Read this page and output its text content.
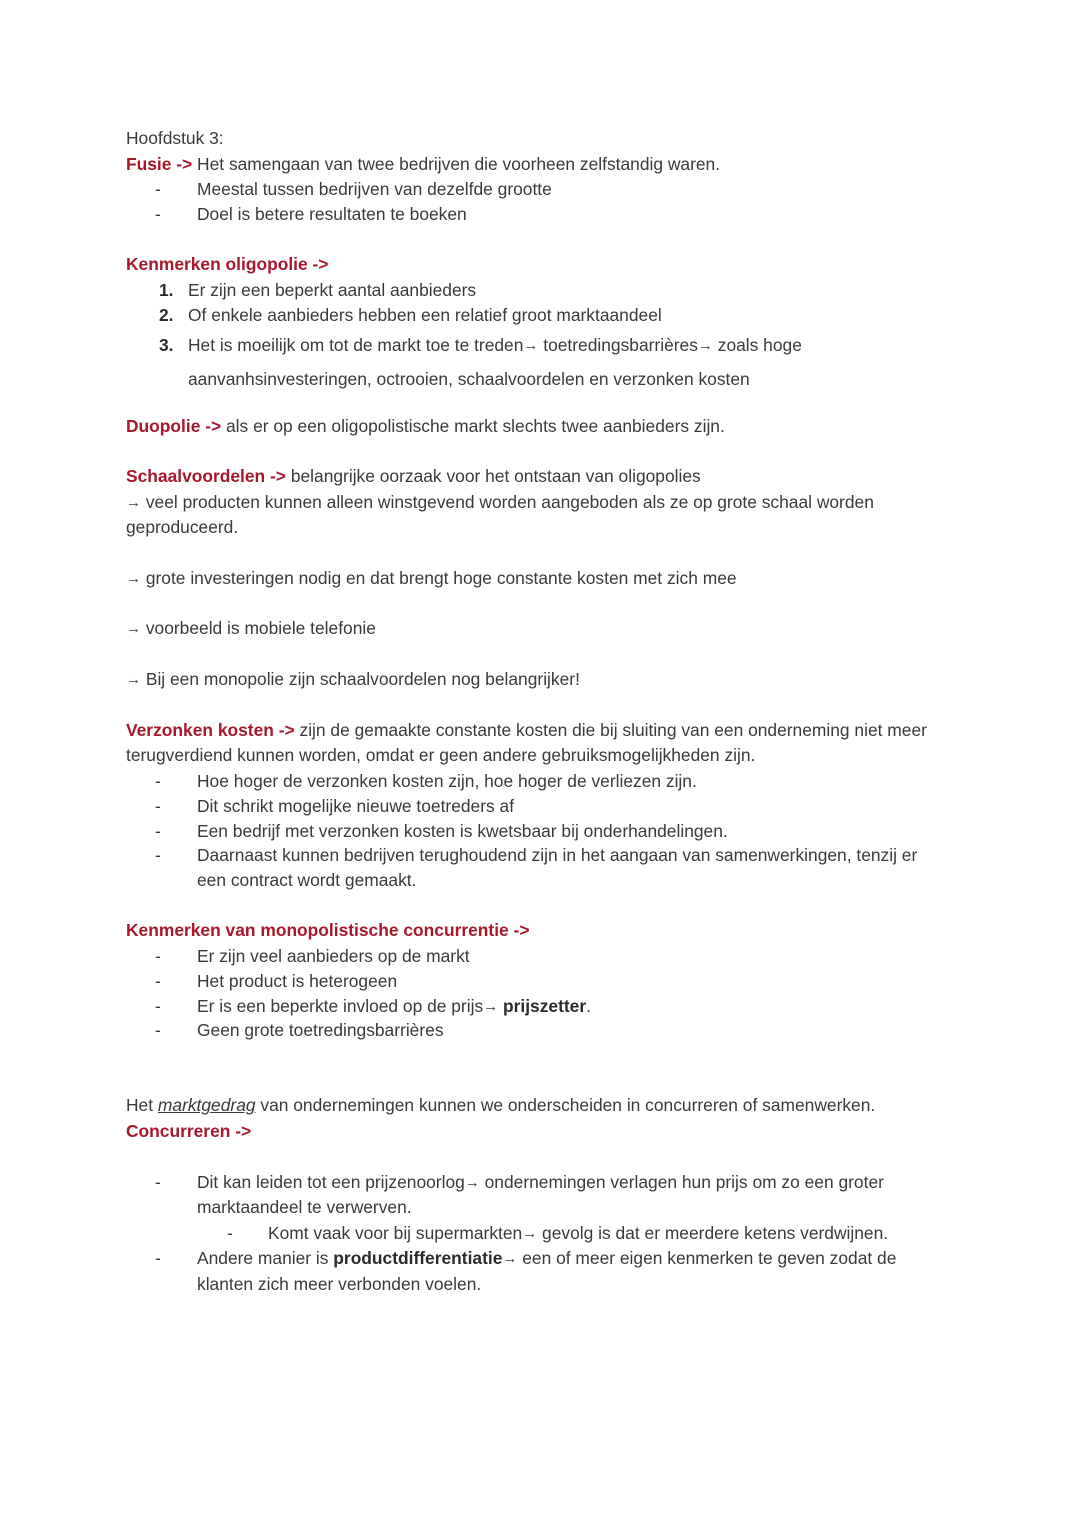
Hoofdstuk 3:

Fusie -> Het samengaan van twee bedrijven die voorheen zelfstandig waren.

- Meestal tussen bedrijven van dezelfde grootte
- Doel is betere resultaten te boeken

Kenmerken oligopolie ->

Er zijn een beperkt aantal aanbieders
Of enkele aanbieders hebben een relatief groot marktaandeel
Het is moeilijk om tot de markt toe te treden→ toetredingsbarrières→ zoals hoge aanvanhsinvesteringen, octrooien, schaalvoordelen en verzonken kosten

Duopolie -> als er op een oligopolistische markt slechts twee aanbieders zijn.

Schaalvoordelen -> belangrijke oorzaak voor het ontstaan van oligopolies

→ veel producten kunnen alleen winstgevend worden aangeboden als ze op grote schaal worden geproduceerd.

→ grote investeringen nodig en dat brengt hoge constante kosten met zich mee

→ voorbeeld is mobiele telefonie

→ Bij een monopolie zijn schaalvoordelen nog belangrijker!

Verzonken kosten -> zijn de gemaakte constante kosten die bij sluiting van een onderneming niet meer terugverdiend kunnen worden, omdat er geen andere gebruiksmogelijkheden zijn.

- Hoe hoger de verzonken kosten zijn, hoe hoger de verliezen zijn.
- Dit schrikt mogelijke nieuwe toetreders af
- Een bedrijf met verzonken kosten is kwetsbaar bij onderhandelingen.
- Daarnaast kunnen bedrijven terughoudend zijn in het aangaan van samenwerkingen, tenzij er een contract wordt gemaakt.

Kenmerken van monopolistische concurrentie ->

- Er zijn veel aanbieders op de markt
- Het product is heterogeen
- Er is een beperkte invloed op de prijs→ prijszetter.
- Geen grote toetredingsbarrières

Het marktgedrag van ondernemingen kunnen we onderscheiden in concurreren of samenwerken.

Concurreren ->

- Dit kan leiden tot een prijzenoorlog→ ondernemingen verlagen hun prijs om zo een groter marktaandeel te verwerven.
- Komt vaak voor bij supermarkten→ gevolg is dat er meerdere ketens verdwijnen.
- Andere manier is productdifferentiatie→ een of meer eigen kenmerken te geven zodat de klanten zich meer verbonden voelen.
